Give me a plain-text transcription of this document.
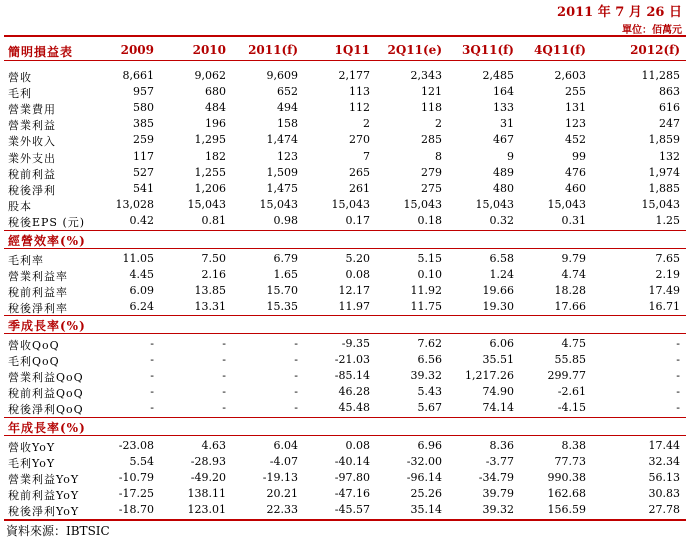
2011 年 7 月 26 日
單位：佰萬元
簡明損益表	2009	2010	2011(f)	1Q11	2Q11(e)	3Q11(f)	4Q11(f)	2012(f)
營收	8,661	9,062	9,609	2,177	2,343	2,485	2,603	11,285
毛利	957	680	652	113	121	164	255	863
營業費用	580	484	494	112	118	133	131	616
營業利益	385	196	158	2	2	31	123	247
業外收入	259	1,295	1,474	270	285	467	452	1,859
業外支出	117	182	123	7	8	9	99	132
稅前利益	527	1,255	1,509	265	279	489	476	1,974
稅後淨利	541	1,206	1,475	261	275	480	460	1,885
股本	13,028	15,043	15,043	15,043	15,043	15,043	15,043	15,043
稅後EPS (元)	0.42	0.81	0.98	0.17	0.18	0.32	0.31	1.25
經營效率(%)
毛利率	11.05	7.50	6.79	5.20	5.15	6.58	9.79	7.65
營業利益率	4.45	2.16	1.65	0.08	0.10	1.24	4.74	2.19
稅前利益率	6.09	13.85	15.70	12.17	11.92	19.66	18.28	17.49
稅後淨利率	6.24	13.31	15.35	11.97	11.75	19.30	17.66	16.71
季成長率(%)
營收QoQ	-	-	-	-9.35	7.62	6.06	4.75	-
毛利QoQ	-	-	-	-21.03	6.56	35.51	55.85	-
營業利益QoQ	-	-	-	-85.14	39.32	1,217.26	299.77	-
稅前利益QoQ	-	-	-	46.28	5.43	74.90	-2.61	-
稅後淨利QoQ	-	-	-	45.48	5.67	74.14	-4.15	-
年成長率(%)
營收YoY	-23.08	4.63	6.04	0.08	6.96	8.36	8.38	17.44
毛利YoY	5.54	-28.93	-4.07	-40.14	-32.00	-3.77	77.73	32.34
營業利益YoY	-10.79	-49.20	-19.13	-97.80	-96.14	-34.79	990.38	56.13
稅前利益YoY	-17.25	138.11	20.21	-47.16	25.26	39.79	162.68	30.83
稅後淨利YoY	-18.70	123.01	22.33	-45.57	35.14	39.32	156.59	27.78
資料來源：IBTSIC
